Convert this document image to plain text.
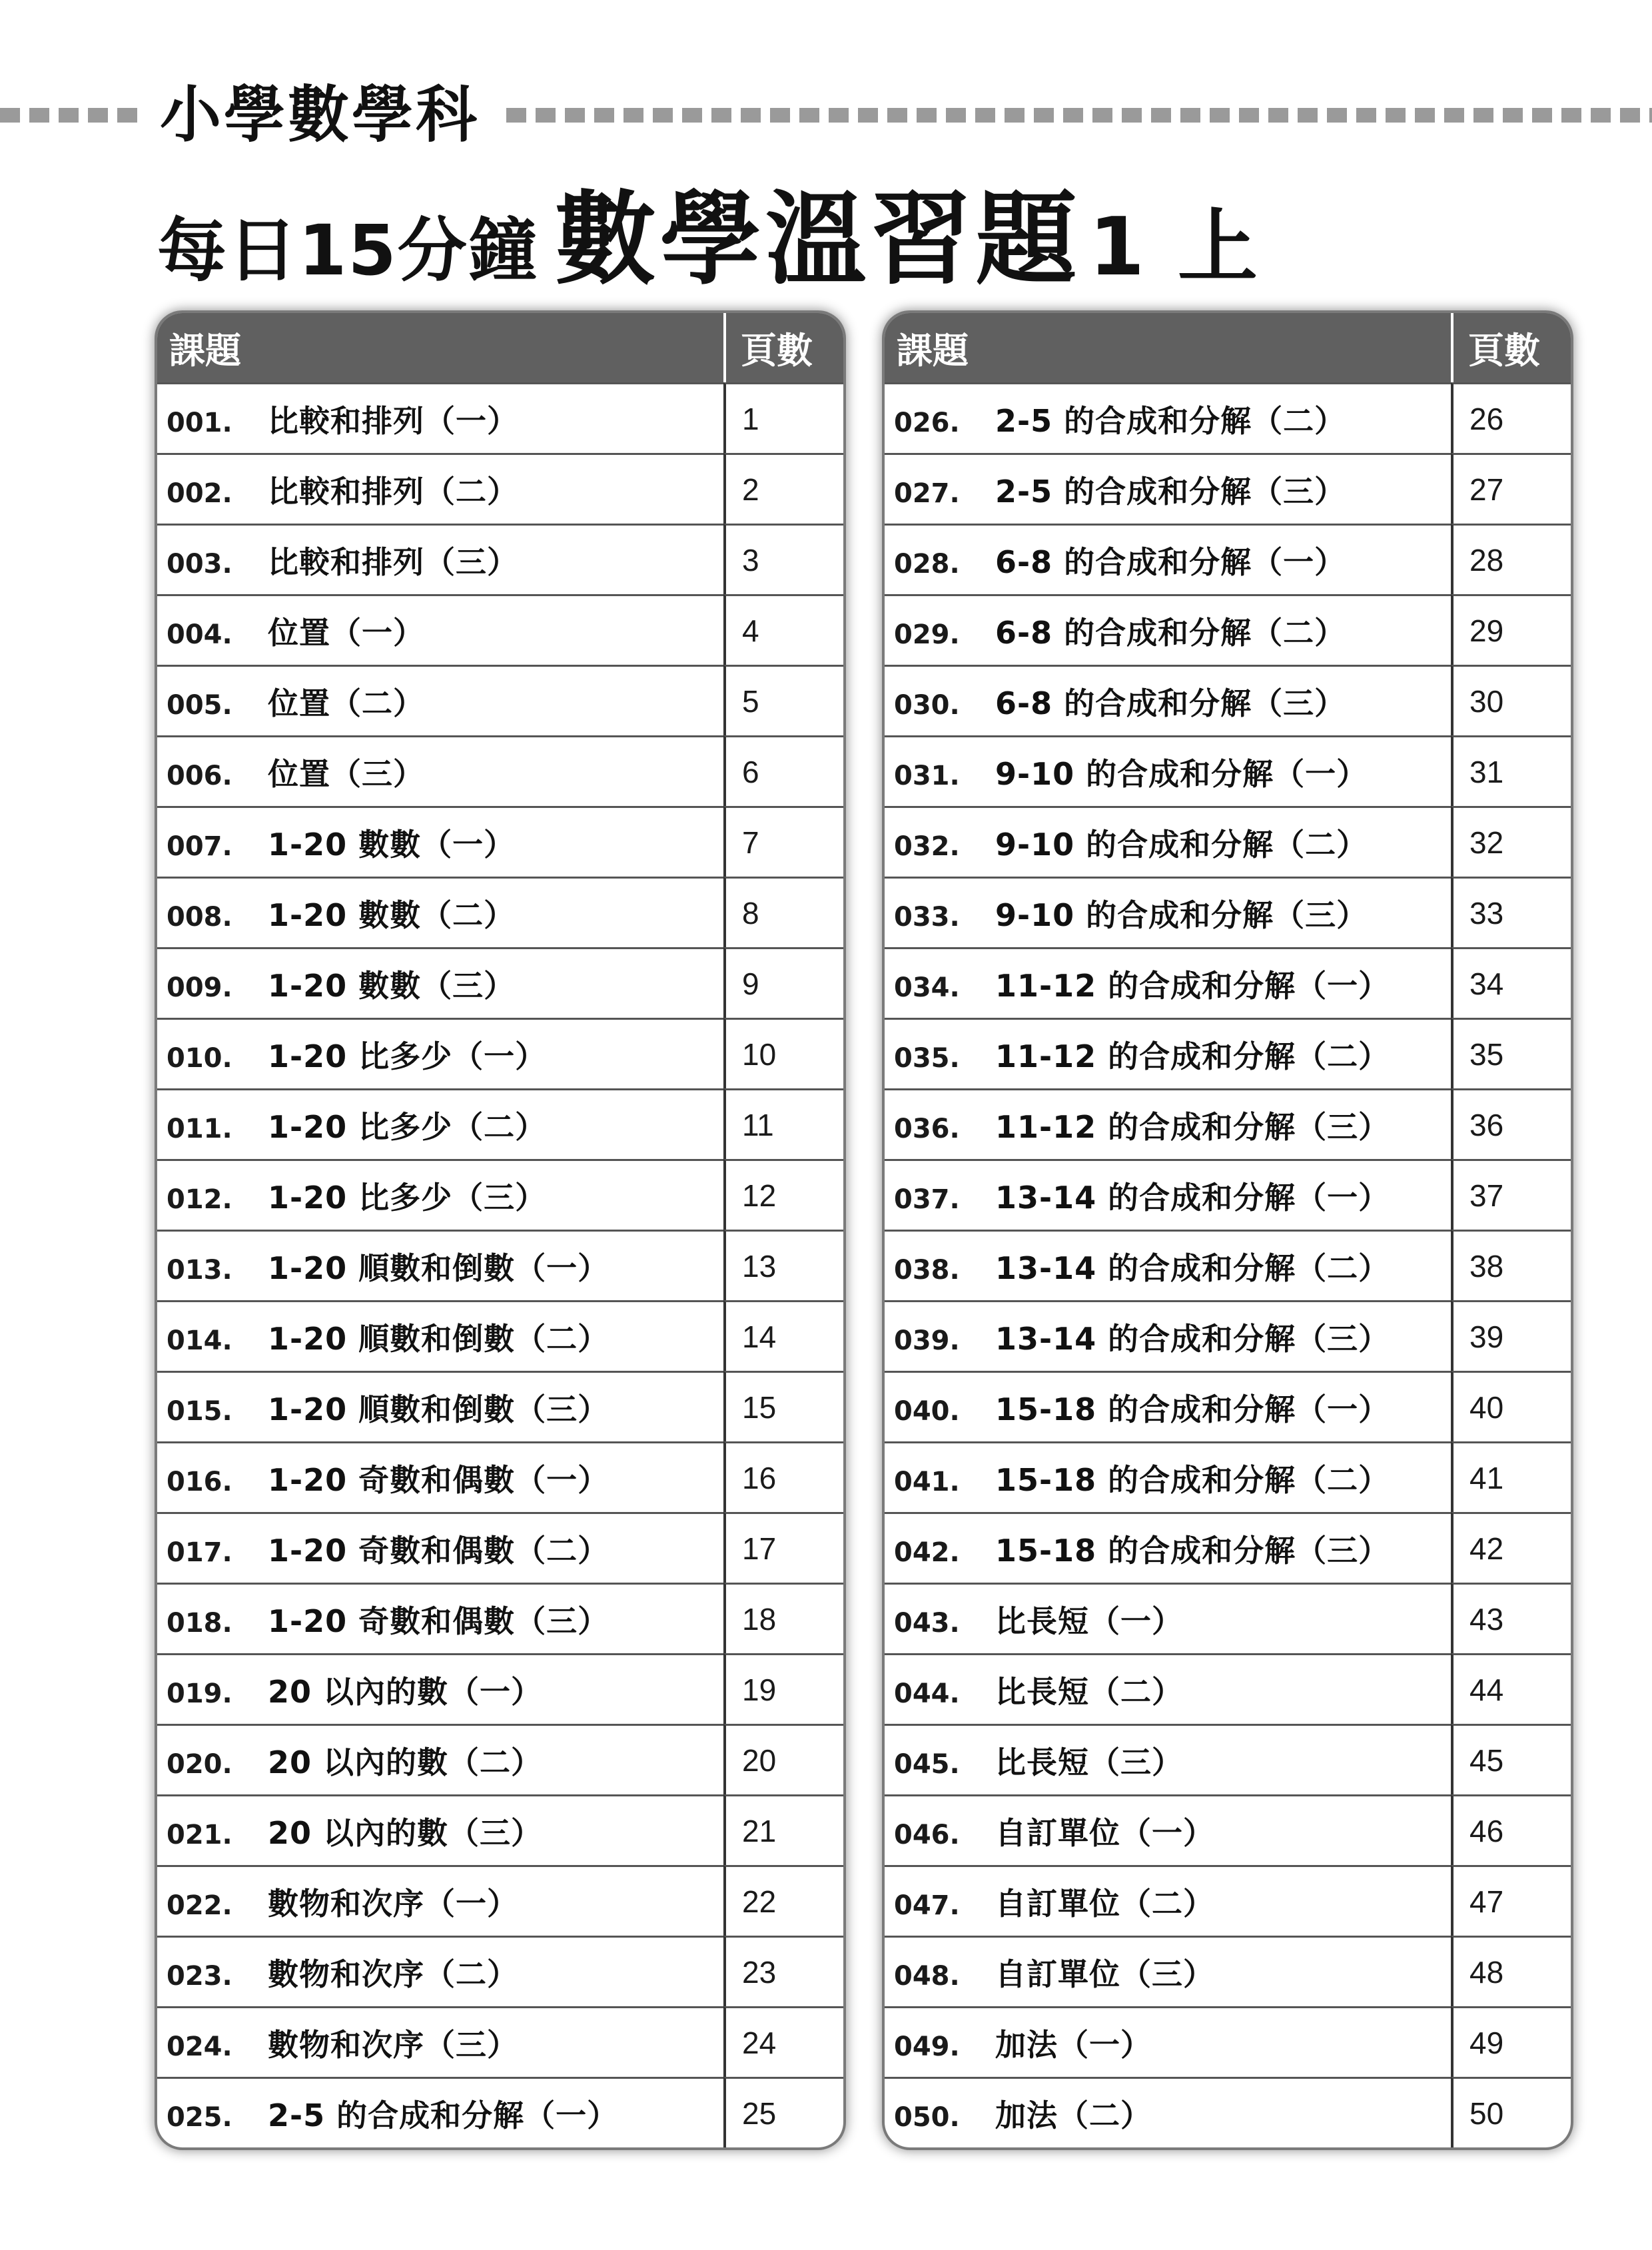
小學數學科
每日15分鐘 數學溫習題 1 上
課題	頁數
001. 比較和排列（一）	1
002. 比較和排列（二）	2
003. 比較和排列（三）	3
004. 位置（一）	4
005. 位置（二）	5
006. 位置（三）	6
007. 1-20 數數（一）	7
008. 1-20 數數（二）	8
009. 1-20 數數（三）	9
010. 1-20 比多少（一）	10
011. 1-20 比多少（二）	11
012. 1-20 比多少（三）	12
013. 1-20 順數和倒數（一）	13
014. 1-20 順數和倒數（二）	14
015. 1-20 順數和倒數（三）	15
016. 1-20 奇數和偶數（一）	16
017. 1-20 奇數和偶數（二）	17
018. 1-20 奇數和偶數（三）	18
019. 20 以內的數（一）	19
020. 20 以內的數（二）	20
021. 20 以內的數（三）	21
022. 數物和次序（一）	22
023. 數物和次序（二）	23
024. 數物和次序（三）	24
025. 2-5 的合成和分解（一）	25
課題	頁數
026. 2-5 的合成和分解（二）	26
027. 2-5 的合成和分解（三）	27
028. 6-8 的合成和分解（一）	28
029. 6-8 的合成和分解（二）	29
030. 6-8 的合成和分解（三）	30
031. 9-10 的合成和分解（一）	31
032. 9-10 的合成和分解（二）	32
033. 9-10 的合成和分解（三）	33
034. 11-12 的合成和分解（一）	34
035. 11-12 的合成和分解（二）	35
036. 11-12 的合成和分解（三）	36
037. 13-14 的合成和分解（一）	37
038. 13-14 的合成和分解（二）	38
039. 13-14 的合成和分解（三）	39
040. 15-18 的合成和分解（一）	40
041. 15-18 的合成和分解（二）	41
042. 15-18 的合成和分解（三）	42
043. 比長短（一）	43
044. 比長短（二）	44
045. 比長短（三）	45
046. 自訂單位（一）	46
047. 自訂單位（二）	47
048. 自訂單位（三）	48
049. 加法（一）	49
050. 加法（二）	50
